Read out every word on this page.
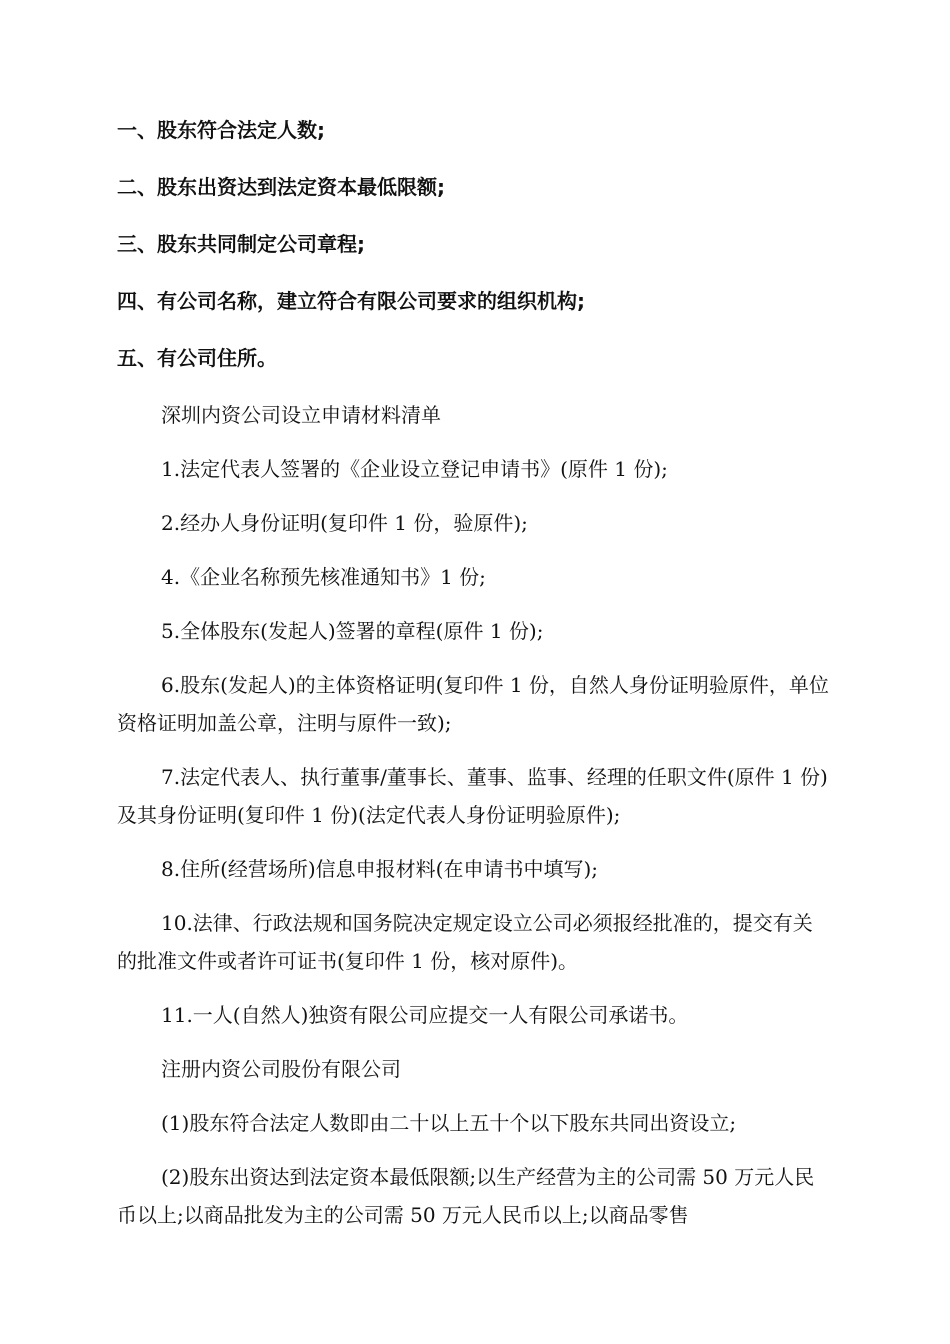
一、股东符合法定人数;
二、股东出资达到法定资本最低限额;
三、股东共同制定公司章程;
四、有公司名称，建立符合有限公司要求的组织机构;
五、有公司住所。

深圳内资公司设立申请材料清单

1.法定代表人签署的《企业设立登记申请书》(原件 1 份);

2.经办人身份证明(复印件 1 份，验原件);

4.《企业名称预先核准通知书》1 份;

5.全体股东(发起人)签署的章程(原件 1 份);

6.股东(发起人)的主体资格证明(复印件 1 份，自然人身份证明验原件，单位资格证明加盖公章，注明与原件一致);

7.法定代表人、执行董事/董事长、董事、监事、经理的任职文件(原件 1 份)及其身份证明(复印件 1 份)(法定代表人身份证明验原件);

8.住所(经营场所)信息申报材料(在申请书中填写);

10.法律、行政法规和国务院决定规定设立公司必须报经批准的，提交有关的批准文件或者许可证书(复印件 1 份，核对原件)。

11.一人(自然人)独资有限公司应提交一人有限公司承诺书。

注册内资公司股份有限公司

(1)股东符合法定人数即由二十以上五十个以下股东共同出资设立;

(2)股东出资达到法定资本最低限额;以生产经营为主的公司需 50 万元人民币以上;以商品批发为主的公司需 50 万元人民币以上;以商品零售
